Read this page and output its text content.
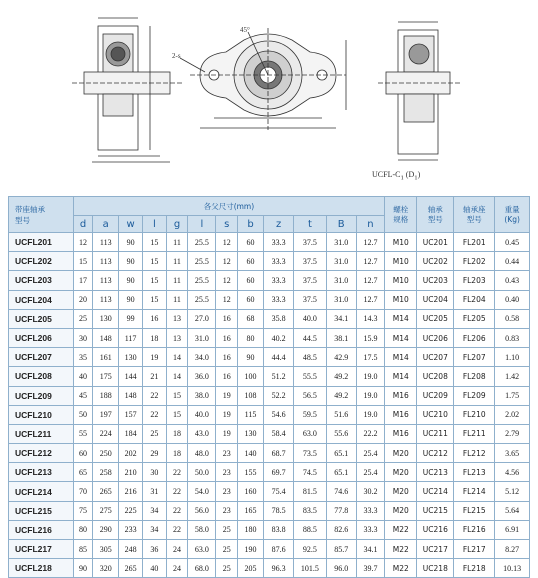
45°
2-s
UCFL-$C_1$ $(D_1)$
带座轴承
型号	各父尺寸(mm)												螺栓
规格	轴承
型号	轴承座
型号	重量
(Kg)
	d	a	w	l	g	l	s	b	z	t	B	n				
UCFL201	12	113	90	15	11	25.5	12	60	33.3	37.5	31.0	12.7	M10	UC201	FL201	0.45
UCFL202	15	113	90	15	11	25.5	12	60	33.3	37.5	31.0	12.7	M10	UC202	FL202	0.44
UCFL203	17	113	90	15	11	25.5	12	60	33.3	37.5	31.0	12.7	M10	UC203	FL203	0.43
UCFL204	20	113	90	15	11	25.5	12	60	33.3	37.5	31.0	12.7	M10	UC204	FL204	0.40
UCFL205	25	130	99	16	13	27.0	16	68	35.8	40.0	34.1	14.3	M14	UC205	FL205	0.58
UCFL206	30	148	117	18	13	31.0	16	80	40.2	44.5	38.1	15.9	M14	UC206	FL206	0.83
UCFL207	35	161	130	19	14	34.0	16	90	44.4	48.5	42.9	17.5	M14	UC207	FL207	1.10
UCFL208	40	175	144	21	14	36.0	16	100	51.2	55.5	49.2	19.0	M14	UC208	FL208	1.42
UCFL209	45	188	148	22	15	38.0	19	108	52.2	56.5	49.2	19.0	M16	UC209	FL209	1.75
UCFL210	50	197	157	22	15	40.0	19	115	54.6	59.5	51.6	19.0	M16	UC210	FL210	2.02
UCFL211	55	224	184	25	18	43.0	19	130	58.4	63.0	55.6	22.2	M16	UC211	FL211	2.79
UCFL212	60	250	202	29	18	48.0	23	140	68.7	73.5	65.1	25.4	M20	UC212	FL212	3.65
UCFL213	65	258	210	30	22	50.0	23	155	69.7	74.5	65.1	25.4	M20	UC213	FL213	4.56
UCFL214	70	265	216	31	22	54.0	23	160	75.4	81.5	74.6	30.2	M20	UC214	FL214	5.12
UCFL215	75	275	225	34	22	56.0	23	165	78.5	83.5	77.8	33.3	M20	UC215	FL215	5.64
UCFL216	80	290	233	34	22	58.0	25	180	83.8	88.5	82.6	33.3	M22	UC216	FL216	6.91
UCFL217	85	305	248	36	24	63.0	25	190	87.6	92.5	85.7	34.1	M22	UC217	FL217	8.27
UCFL218	90	320	265	40	24	68.0	25	205	96.3	101.5	96.0	39.7	M22	UC218	FL218	10.13
